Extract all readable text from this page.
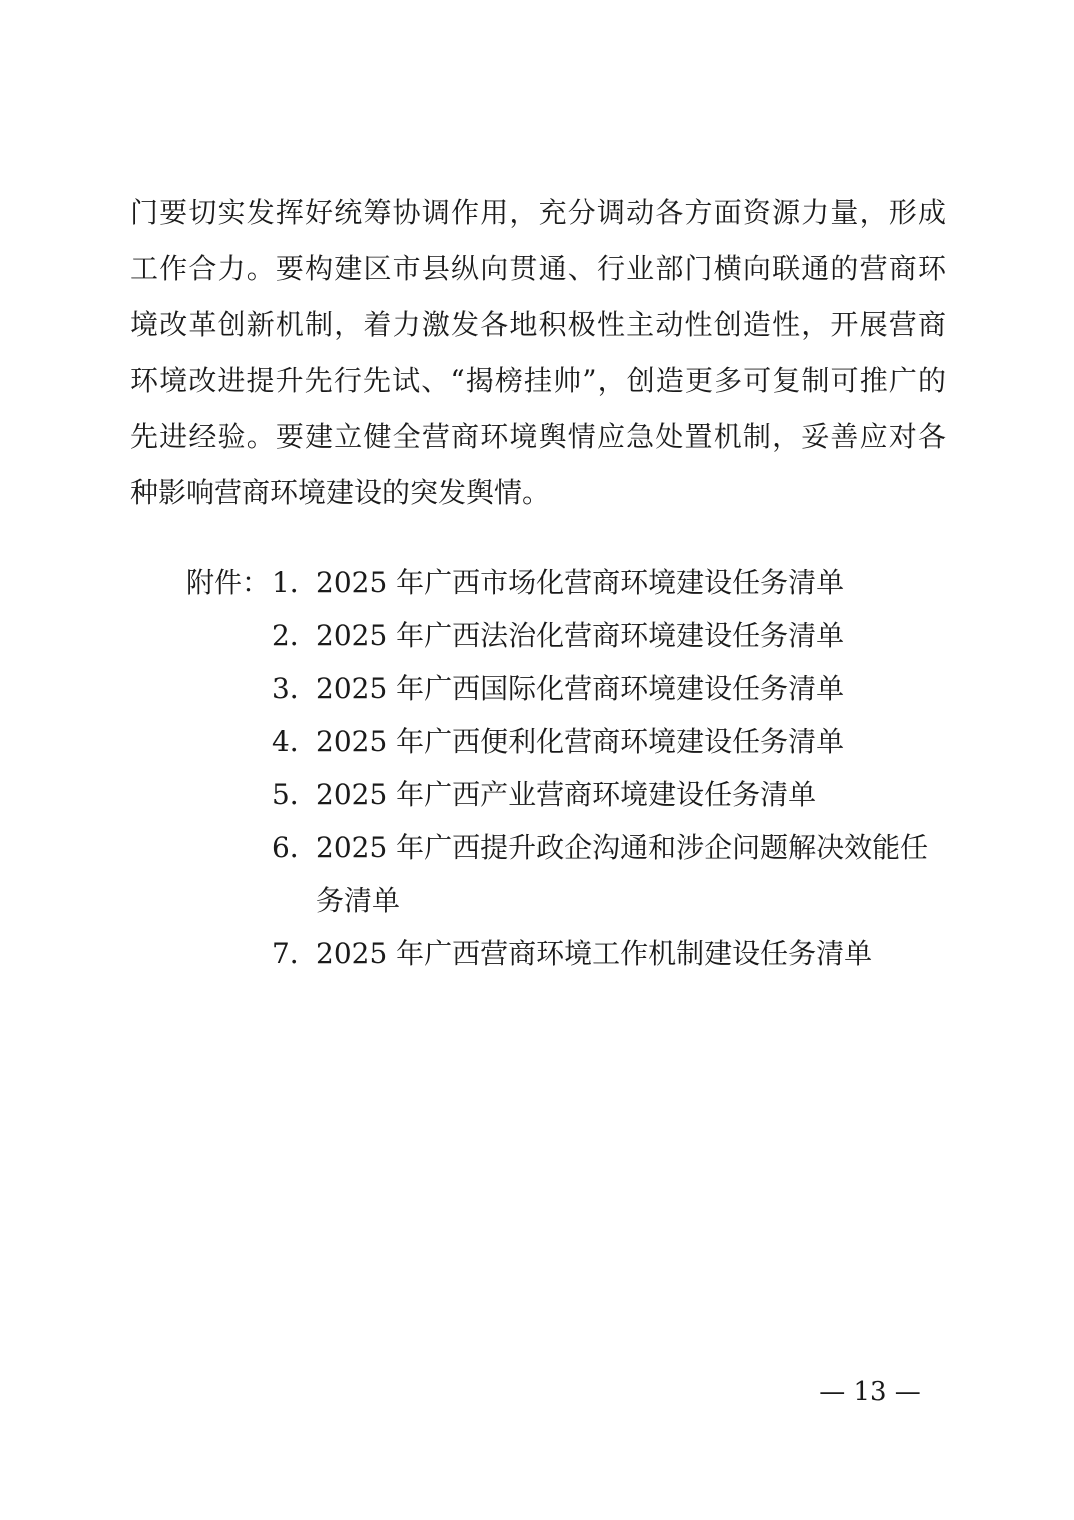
门要切实发挥好统筹协调作用，充分调动各方面资源力量，形成
工作合力。要构建区市县纵向贯通、行业部门横向联通的营商环
境改革创新机制，着力激发各地积极性主动性创造性，开展营商
环境改进提升先行先试、“揭榜挂帅”，创造更多可复制可推广的
先进经验。要建立健全营商环境舆情应急处置机制，妥善应对各
种影响营商环境建设的突发舆情。
附件： 1．
2025 年广西市场化营商环境建设任务清单
2．
2025 年广西法治化营商环境建设任务清单
3．
2025 年广西国际化营商环境建设任务清单
4．
2025 年广西便利化营商环境建设任务清单
5．
2025 年广西产业营商环境建设任务清单
6．
2025 年广西提升政企沟通和涉企问题解决效能任务清单
7．
2025 年广西营商环境工作机制建设任务清单
— 13 —
